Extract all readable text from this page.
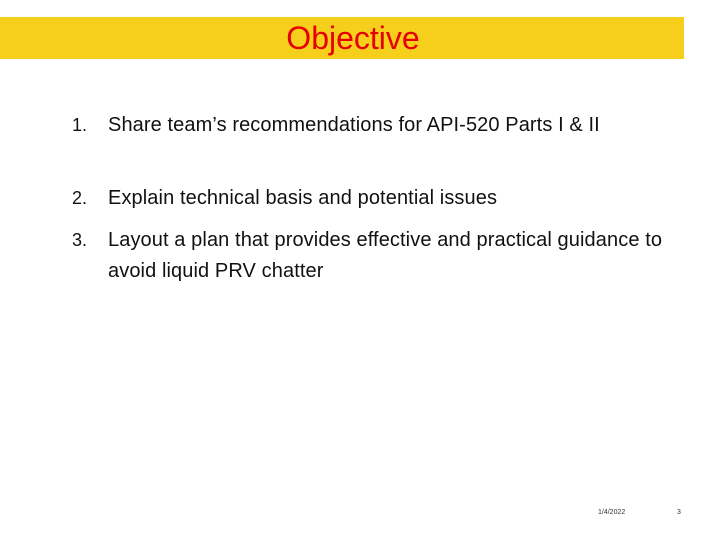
Objective
1. Share team’s recommendations for API-520 Parts I & II
2. Explain technical basis and potential issues
3. Layout a plan that provides effective and practical guidance to avoid liquid PRV chatter
1/4/2022	3
